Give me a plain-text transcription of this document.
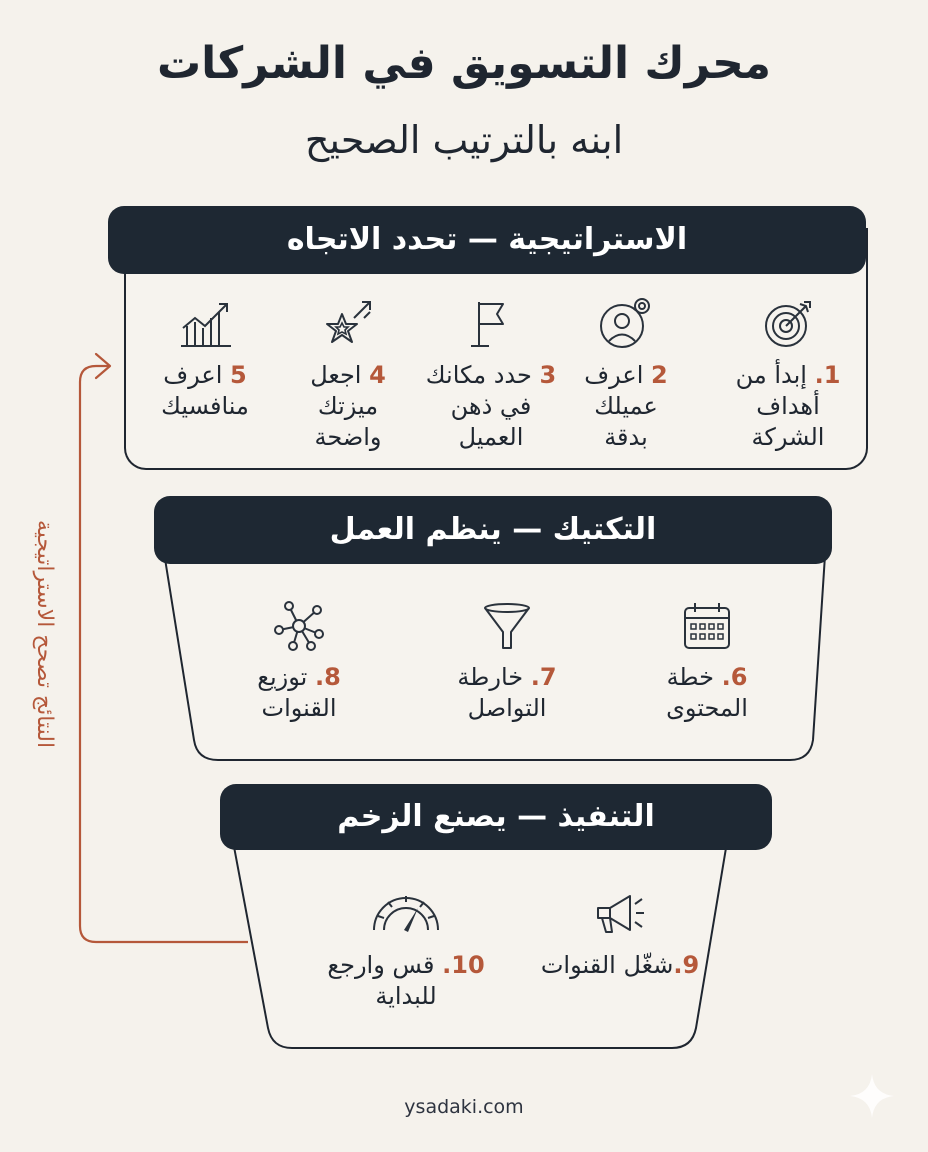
محرك التسويق في الشركات
ابنه بالترتيب الصحيح
النتائج تصحح الاستراتيجية
الاستراتيجية — تحدد الاتجاه
1. إبدأ من
أهداف
الشركة
2 اعرف
عميلك
بدقة
3 حدد مكانك
في ذهن
العميل
4 اجعل
ميزتك
واضحة
5 اعرف
منافسيك
التكتيك — ينظم العمل
6. خطة
المحتوى
7. خارطة
التواصل
8. توزيع
القنوات
التنفيذ — يصنع الزخم
9.شغّل القنوات
10. قس وارجع
للبداية
ysadaki.com
